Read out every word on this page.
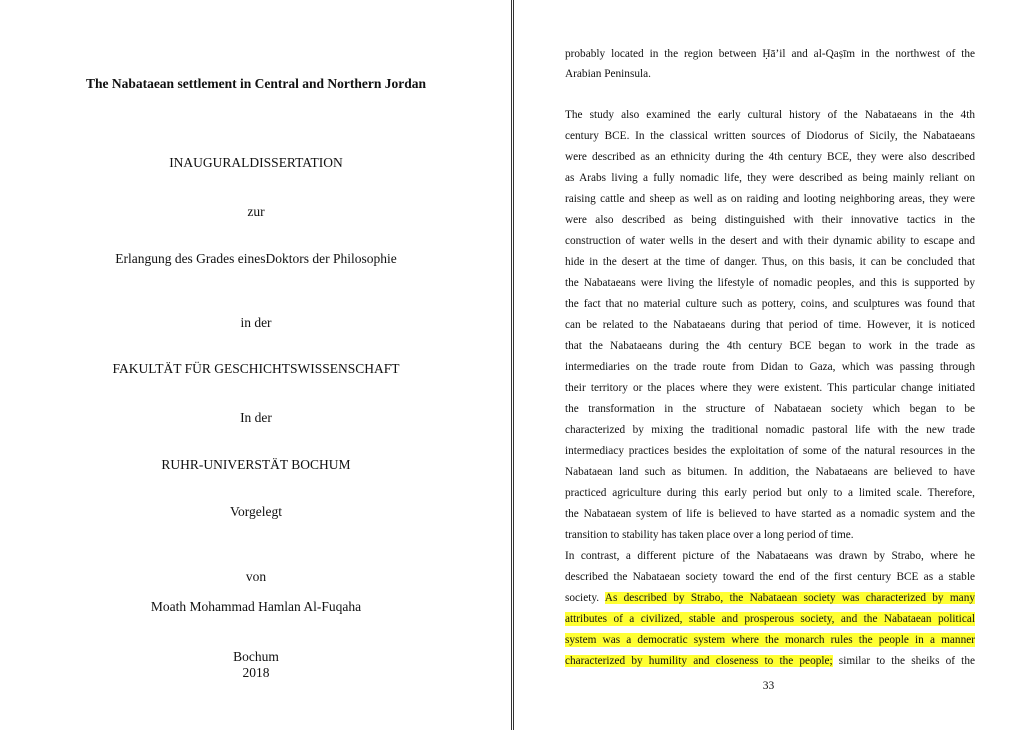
The Nabataean settlement in Central and Northern Jordan
INAUGURALDISSERTATION
zur
Erlangung des Grades einesDoktors der Philosophie
in der
FAKULTÄT FÜR GESCHICHTSWISSENSCHAFT
In der
RUHR-UNIVERSTÄT BOCHUM
Vorgelegt
von
Moath Mohammad Hamlan Al-Fuqaha
Bochum
2018
probably located in the region between Ḥā’il and al-Qaṣīm in the northwest of the
Arabian Peninsula.
The study also examined the early cultural history of the Nabataeans in the 4th
century BCE. In the classical written sources of Diodorus of Sicily, the Nabataeans
were described as an ethnicity during the 4th century BCE, they were also described
as Arabs living a fully nomadic life, they were described as being mainly reliant on
raising cattle and sheep as well as on raiding and looting neighboring areas, they were
were also described as being distinguished with their innovative tactics in the
construction of water wells in the desert and with their dynamic ability to escape and
hide in the desert at the time of danger. Thus, on this basis, it can be concluded that
the Nabataeans were living the lifestyle of nomadic peoples, and this is supported by
the fact that no material culture such as pottery, coins, and sculptures was found that
can be related to the Nabataeans during that period of time. However, it is noticed
that the Nabataeans during the 4th century BCE began to work in the trade as
intermediaries on the trade route from Didan to Gaza, which was passing through
their territory or the places where they were existent. This particular change initiated
the transformation in the structure of Nabataean society which began to be
characterized by mixing the traditional nomadic pastoral life with the new trade
intermediacy practices besides the exploitation of some of the natural resources in the
Nabataean land such as bitumen. In addition, the Nabataeans are believed to have
practiced agriculture during this early period but only to a limited scale. Therefore,
the Nabataean system of life is believed to have started as a nomadic system and the
transition to stability has taken place over a long period of time.
In contrast, a different picture of the Nabataeans was drawn by Strabo, where he
described the Nabataean society toward the end of the first century BCE as a stable
society. As described by Strabo, the Nabataean society was characterized by many
attributes of a civilized, stable and prosperous society, and the Nabataean political
system was a democratic system where the monarch rules the people in a manner
characterized by humility and closeness to the people; similar to the sheiks of the
33
